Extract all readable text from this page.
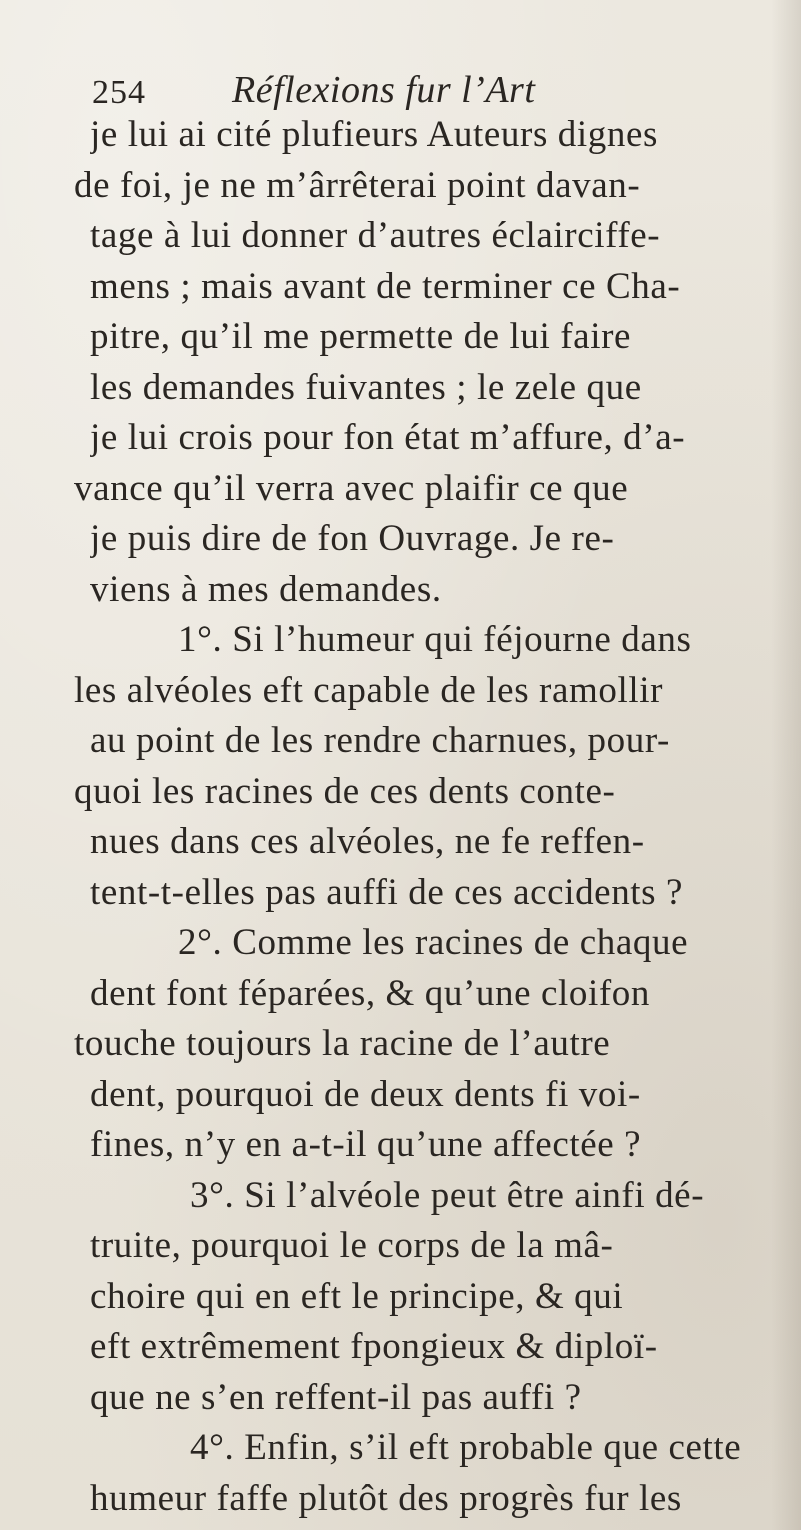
254 Réflexions fur l’Art
je lui ai cité plufieurs Auteurs dignes
de foi, je ne m’ârrêterai point davan-
tage à lui donner d’autres éclairciffe-
mens ; mais avant de terminer ce Cha-
pitre, qu’il me permette de lui faire
les demandes fuivantes ; le zele que
je lui crois pour fon état m’affure, d’a-
vance qu’il verra avec plaifir ce que
je puis dire de fon Ouvrage. Je re-
viens à mes demandes.
1°. Si l’humeur qui féjourne dans
les alvéoles eft capable de les ramollir
au point de les rendre charnues, pour-
quoi les racines de ces dents conte-
nues dans ces alvéoles, ne fe reffen-
tent-t-elles pas auffi de ces accidents ?
2°. Comme les racines de chaque
dent font féparées, & qu’une cloifon
touche toujours la racine de l’autre
dent, pourquoi de deux dents fi voi-
fines, n’y en a-t-il qu’une affectée ?
3°. Si l’alvéole peut être ainfi dé-
truite, pourquoi le corps de la mâ-
choire qui en eft le principe, & qui
eft extrêmement fpongieux & diploï-
que ne s’en reffent-il pas auffi ?
4°. Enfin, s’il eft probable que cette
humeur faffe plutôt des progrès fur les
